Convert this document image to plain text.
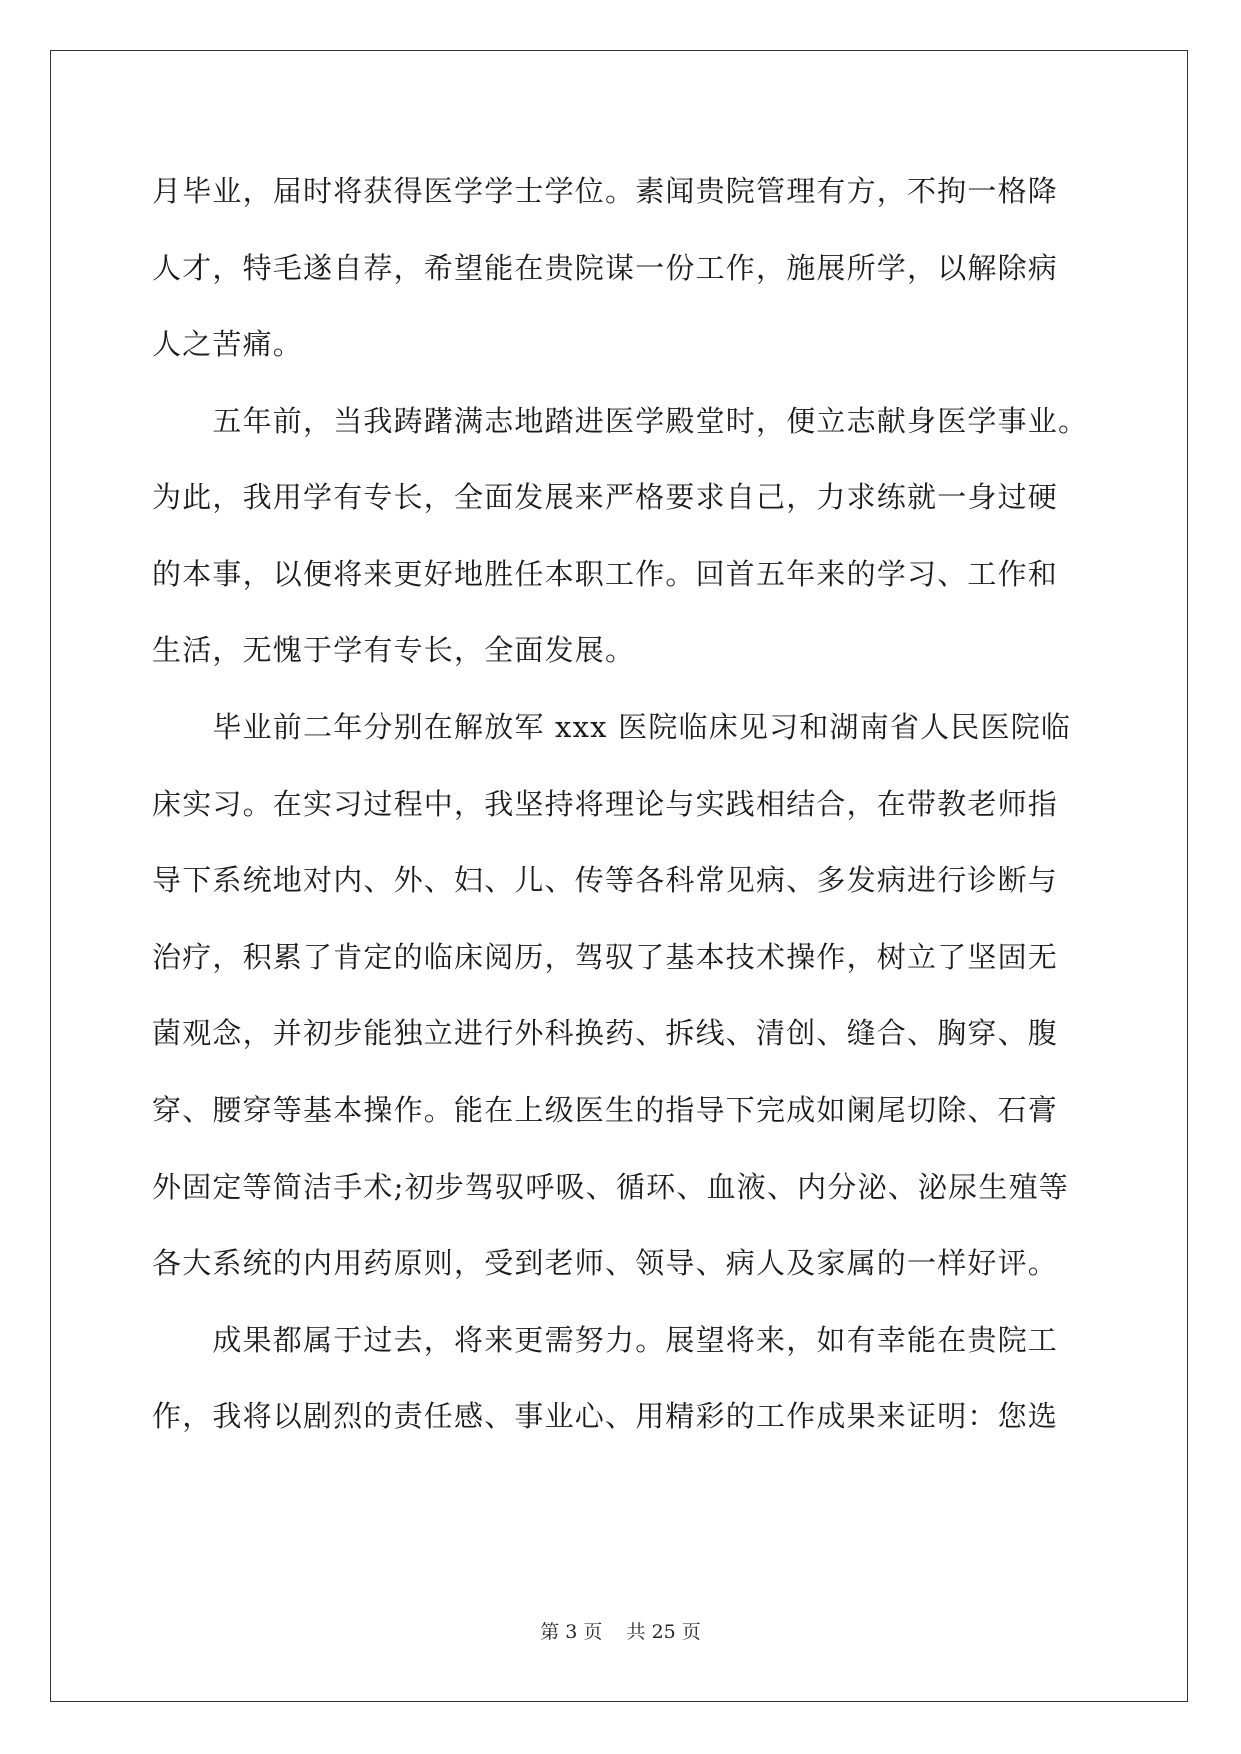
月毕业，届时将获得医学学士学位。素闻贵院管理有方，不拘一格降
人才，特毛遂自荐，希望能在贵院谋一份工作，施展所学，以解除病
人之苦痛。
　　五年前，当我踌躇满志地踏进医学殿堂时，便立志献身医学事业。
为此，我用学有专长，全面发展来严格要求自己，力求练就一身过硬
的本事，以便将来更好地胜任本职工作。回首五年来的学习、工作和
生活，无愧于学有专长，全面发展。
　　毕业前二年分别在解放军 xxx 医院临床见习和湖南省人民医院临
床实习。在实习过程中，我坚持将理论与实践相结合，在带教老师指
导下系统地对内、外、妇、儿、传等各科常见病、多发病进行诊断与
治疗，积累了肯定的临床阅历，驾驭了基本技术操作，树立了坚固无
菌观念，并初步能独立进行外科换药、拆线、清创、缝合、胸穿、腹
穿、腰穿等基本操作。能在上级医生的指导下完成如阑尾切除、石膏
外固定等简洁手术;初步驾驭呼吸、循环、血液、内分泌、泌尿生殖等
各大系统的内用药原则，受到老师、领导、病人及家属的一样好评。
　　成果都属于过去，将来更需努力。展望将来，如有幸能在贵院工
作，我将以剧烈的责任感、事业心、用精彩的工作成果来证明：您选
第 3 页    共 25 页
